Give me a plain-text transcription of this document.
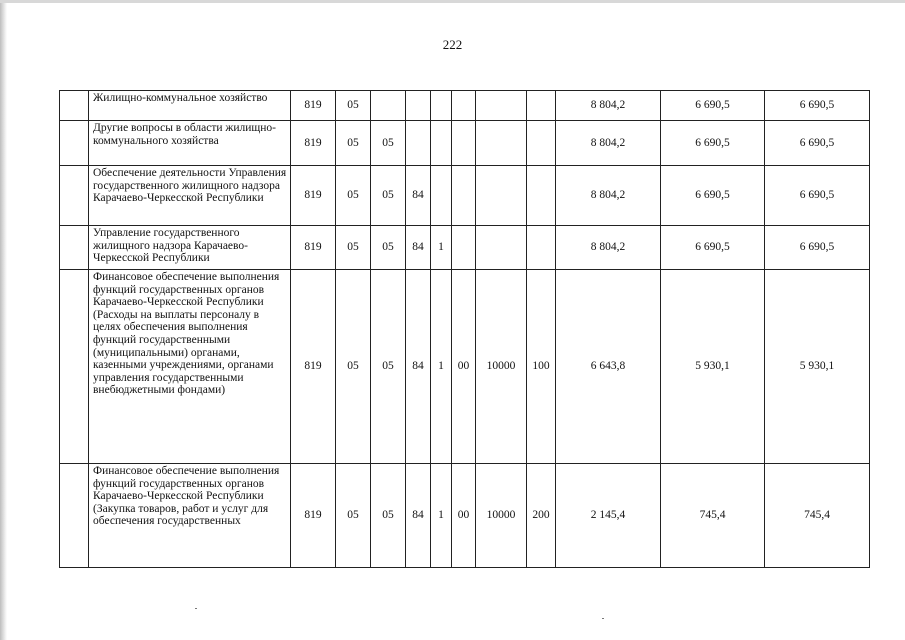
222
	Жилищно-коммунальное хозяйство	819	05							8 804,2	6 690,5	6 690,5
	Другие вопросы в области жилищно-коммунального хозяйства	819	05	05						8 804,2	6 690,5	6 690,5
	Обеспечение деятельности Управления государственного жилищного надзора Карачаево-Черкесской Республики	819	05	05	84					8 804,2	6 690,5	6 690,5
	Управление государственного жилищного надзора Карачаево-Черкесской Республики	819	05	05	84	1				8 804,2	6 690,5	6 690,5
	Финансовое обеспечение выполнения функций государственных органов Карачаево-Черкесской Республики (Расходы на выплаты персоналу в целях обеспечения выполнения функций государственными (муниципальными) органами, казенными учреждениями, органами управления государственными внебюджетными фондами)	819	05	05	84	1	00	10000	100	6 643,8	5 930,1	5 930,1
	Финансовое обеспечение выполнения функций государственных органов Карачаево-Черкесской Республики (Закупка товаров, работ и услуг для обеспечения государственных	819	05	05	84	1	00	10000	200	2 145,4	745,4	745,4
